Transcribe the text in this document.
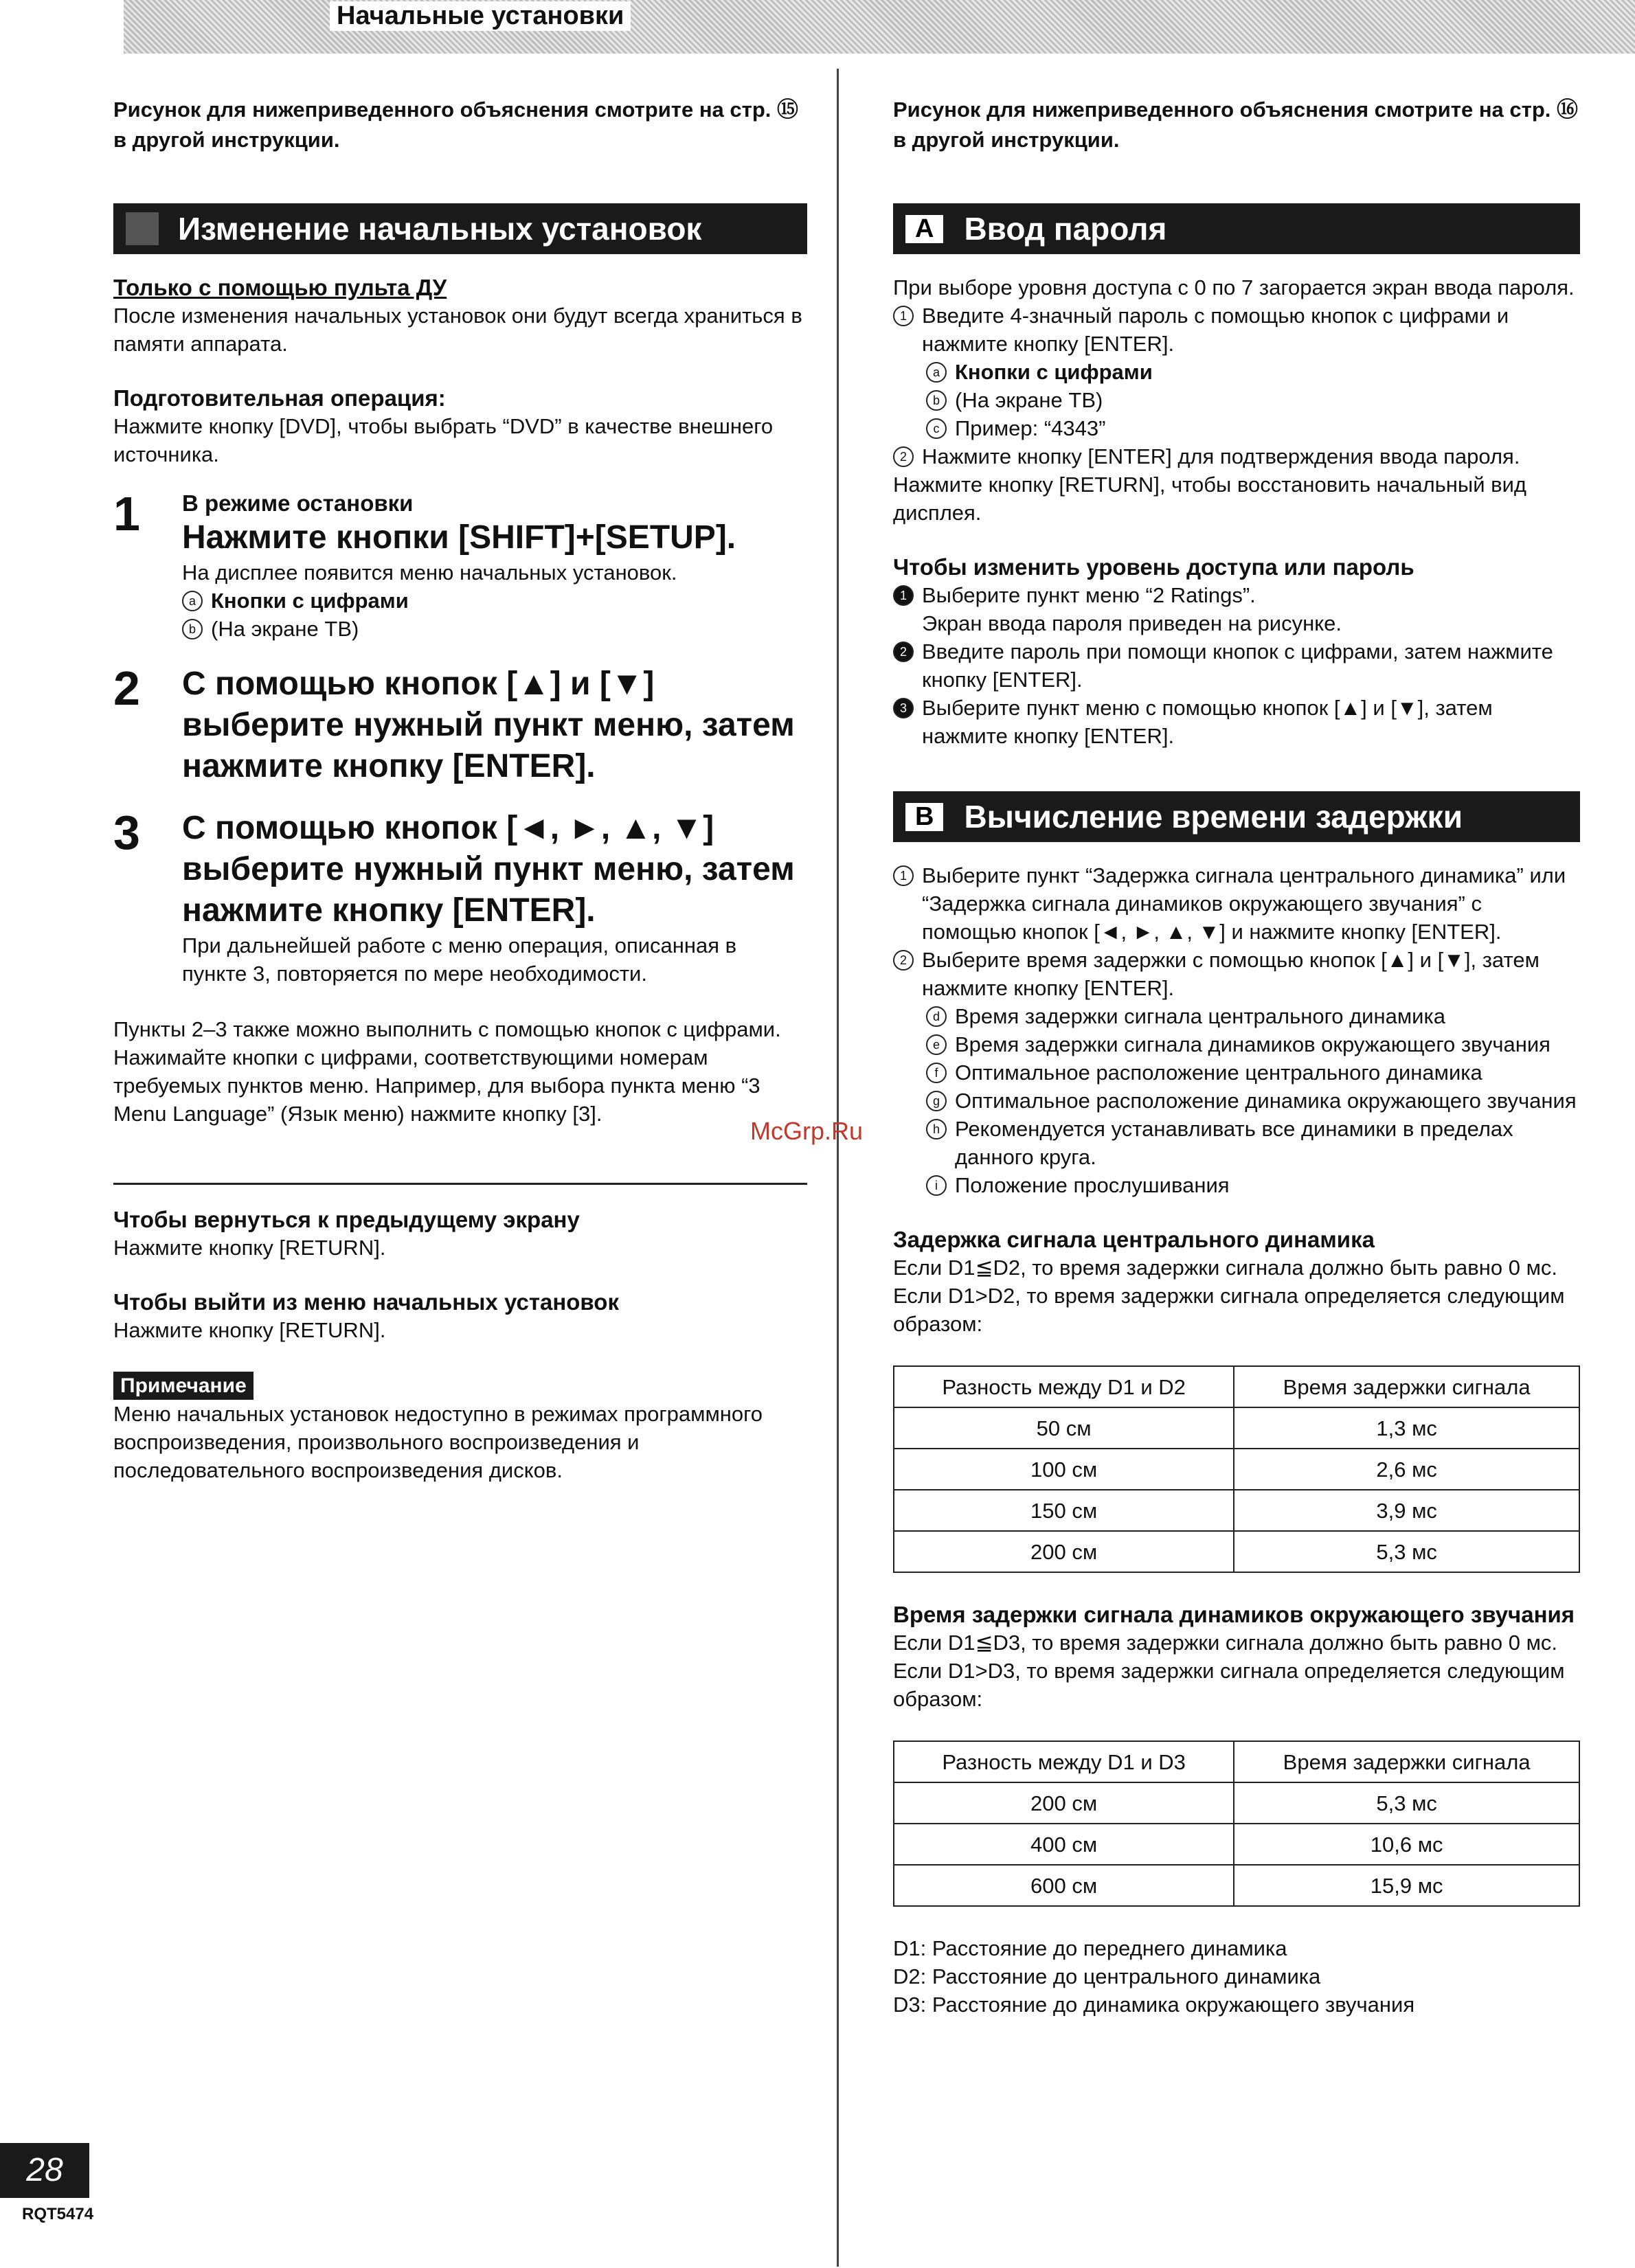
Начальные установки

Рисунок для нижеприведенного объяснения смотрите на стр. ⑮ в другой инструкции.

Изменение начальных установок

Только с помощью пульта ДУ

После изменения начальных установок они будут всегда храниться в памяти аппарата.

Подготовительная операция:

Нажмите кнопку [DVD], чтобы выбрать “DVD” в качестве внешнего источника.

1	В режиме остановки

Нажмите кнопки [SHIFT]+[SETUP].

На дисплее появится меню начальных установок.

a Кнопки с цифрами
b (На экране ТВ)
2	С помощью кнопок [▲] и [▼] выберите нужный пункт меню, затем нажмите кнопку [ENTER].

3	С помощью кнопок [◄, ►, ▲, ▼] выберите нужный пункт меню, затем нажмите кнопку [ENTER].

При дальнейшей работе с меню операция, описанная в пункте 3, повторяется по мере необходимости.

Пункты 2–3 также можно выполнить с помощью кнопок с цифрами.

Нажимайте кнопки с цифрами, соответствующими номерам требуемых пунктов меню. Например, для выбора пункта меню “3 Menu Language” (Язык меню) нажмите кнопку [3].

Чтобы вернуться к предыдущему экрану

Нажмите кнопку [RETURN].

Чтобы выйти из меню начальных установок

Нажмите кнопку [RETURN].

Примечание

Меню начальных установок недоступно в режимах программного воспроизведения, произвольного воспроизведения и последовательного воспроизведения дисков.

Рисунок для нижеприведенного объяснения смотрите на стр. ⑯ в другой инструкции.

A Ввод пароля

При выборе уровня доступа с 0 по 7 загорается экран ввода пароля.

1 Введите 4-значный пароль с помощью кнопок с цифрами и нажмите кнопку [ENTER].
a Кнопки с цифрами
b (На экране ТВ)
c Пример: “4343”
2 Нажмите кнопку [ENTER] для подтверждения ввода пароля.

Нажмите кнопку [RETURN], чтобы восстановить начальный вид дисплея.

Чтобы изменить уровень доступа или пароль

1 Выберите пункт меню “2 Ratings”.
Экран ввода пароля приведен на рисунке.
2 Введите пароль при помощи кнопок с цифрами, затем нажмите кнопку [ENTER].
3 Выберите пункт меню с помощью кнопок [▲] и [▼], затем нажмите кнопку [ENTER].
B Вычисление времени задержки
1 Выберите пункт “Задержка сигнала центрального динамика” или “Задержка сигнала динамиков окружающего звучания” с помощью кнопок [◄, ►, ▲, ▼] и нажмите кнопку [ENTER].
2 Выберите время задержки с помощью кнопок [▲] и [▼], затем нажмите кнопку [ENTER].
d Время задержки сигнала центрального динамика
e Время задержки сигнала динамиков окружающего звучания
f Оптимальное расположение центрального динамика
g Оптимальное расположение динамика окружающего звучания
h Рекомендуется устанавливать все динамики в пределах данного круга.
i Положение прослушивания

Задержка сигнала центрального динамика

Если D1≦D2, то время задержки сигнала должно быть равно 0 мс.

Если D1>D2, то время задержки сигнала определяется следующим образом:

Разность между D1 и D2	Время задержки сигнала
50 см	1,3 мс
100 см	2,6 мс
150 см	3,9 мс
200 см	5,3 мс

Время задержки сигнала динамиков окружающего звучания

Если D1≦D3, то время задержки сигнала должно быть равно 0 мс.

Если D1>D3, то время задержки сигнала определяется следующим образом:

Разность между D1 и D3	Время задержки сигнала
200 см	5,3 мс
400 см	10,6 мс
600 см	15,9 мс

D1: Расстояние до переднего динамика

D2: Расстояние до центрального динамика

D3: Расстояние до динамика окружающего звучания

McGrp.Ru
28
RQT5474
